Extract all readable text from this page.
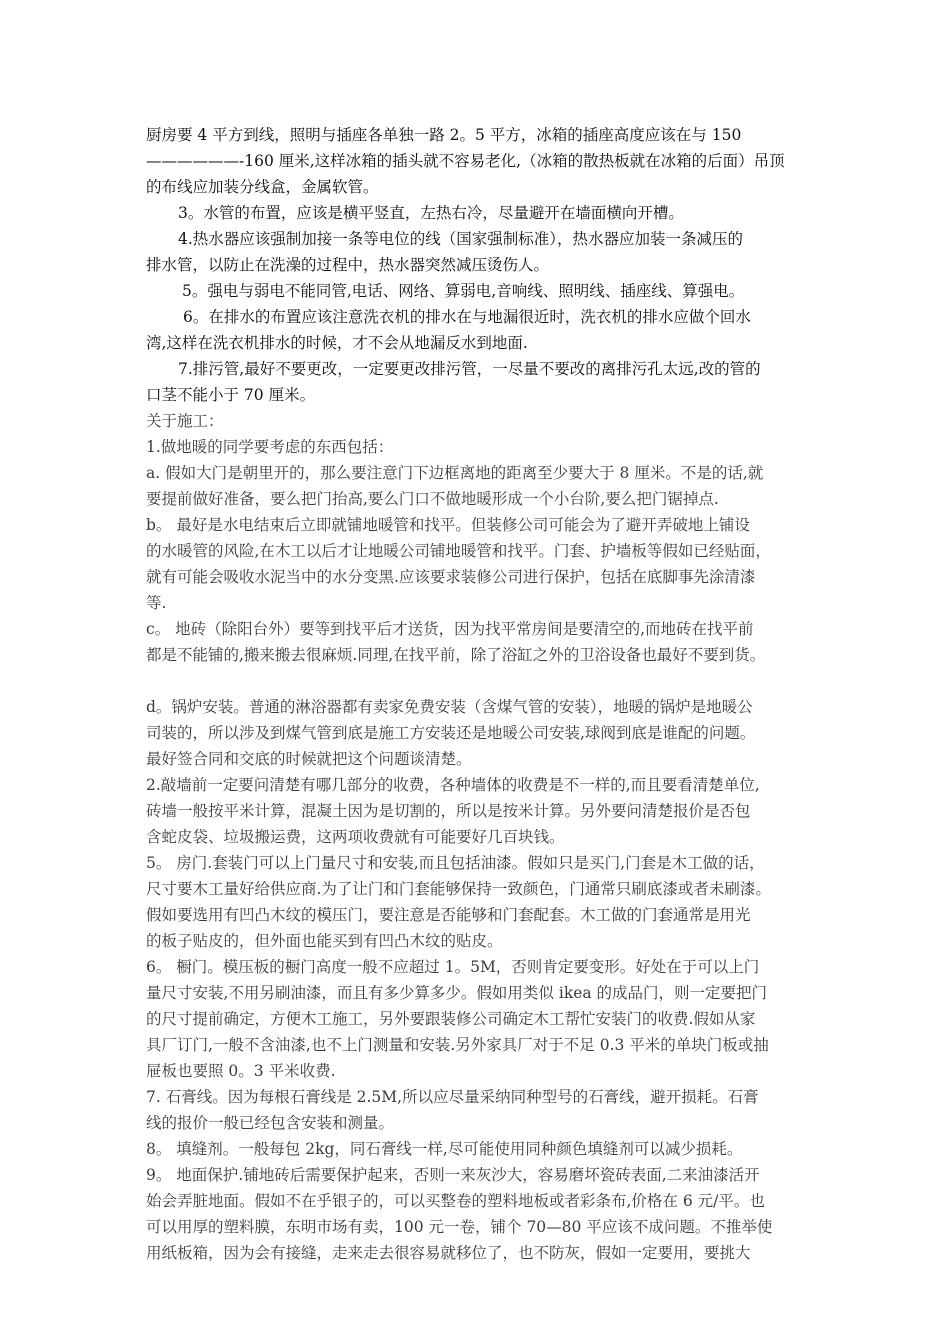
厨房要 4 平方到线，照明与插座各单独一路 2。5 平方，冰箱的插座高度应该在与 150
——————-160 厘米,这样冰箱的插头就不容易老化,（冰箱的散热板就在冰箱的后面）吊顶
的布线应加装分线盒，金属软管。
3。水管的布置，应该是横平竖直，左热右冷，尽量避开在墙面横向开槽。
4.热水器应该强制加接一条等电位的线（国家强制标准），热水器应加装一条减压的
排水管，以防止在洗澡的过程中，热水器突然减压烫伤人。
5。强电与弱电不能同管,电话、网络、算弱电,音响线、照明线、插座线、算强电。
6。在排水的布置应该注意洗衣机的排水在与地漏很近时，洗衣机的排水应做个回水
湾,这样在洗衣机排水的时候，才不会从地漏反水到地面.
7.排污管,最好不要更改，一定要更改排污管，一尽量不要改的离排污孔太远,改的管的
口茎不能小于 70 厘米。
关于施工：
1.做地暖的同学要考虑的东西包括：
a. 假如大门是朝里开的，那么要注意门下边框离地的距离至少要大于 8 厘米。不是的话,就
要提前做好准备，要么把门抬高,要么门口不做地暖形成一个小台阶,要么把门锯掉点.
b。 最好是水电结束后立即就铺地暖管和找平。但装修公司可能会为了避开弄破地上铺设
的水暖管的风险,在木工以后才让地暖公司铺地暖管和找平。门套、护墙板等假如已经贴面，
就有可能会吸收水泥当中的水分变黑.应该要求装修公司进行保护，包括在底脚事先涂清漆
等.
c。 地砖（除阳台外）要等到找平后才送货，因为找平常房间是要清空的,而地砖在找平前
都是不能铺的,搬来搬去很麻烦.同理,在找平前，除了浴缸之外的卫浴设备也最好不要到货。
d。锅炉安装。普通的淋浴器都有卖家免费安装（含煤气管的安装），地暖的锅炉是地暖公
司装的，所以涉及到煤气管到底是施工方安装还是地暖公司安装,球阀到底是谁配的问题。
最好签合同和交底的时候就把这个问题谈清楚。
2.敲墙前一定要问清楚有哪几部分的收费，各种墙体的收费是不一样的,而且要看清楚单位,
砖墙一般按平米计算，混凝土因为是切割的，所以是按米计算。另外要问清楚报价是否包
含蛇皮袋、垃圾搬运费，这两项收费就有可能要好几百块钱。
5。 房门.套装门可以上门量尺寸和安装,而且包括油漆。假如只是买门,门套是木工做的话，
尺寸要木工量好给供应商.为了让门和门套能够保持一致颜色，门通常只刷底漆或者未刷漆。
假如要选用有凹凸木纹的模压门，要注意是否能够和门套配套。木工做的门套通常是用光
的板子贴皮的，但外面也能买到有凹凸木纹的贴皮。
6。 橱门。模压板的橱门高度一般不应超过 1。5M，否则肯定要变形。好处在于可以上门
量尺寸安装,不用另刷油漆，而且有多少算多少。假如用类似 ikea 的成品门，则一定要把门
的尺寸提前确定，方便木工施工，另外要跟装修公司确定木工帮忙安装门的收费.假如从家
具厂订门,一般不含油漆,也不上门测量和安装.另外家具厂对于不足 0.3 平米的单块门板或抽
屉板也要照 0。3 平米收费.
7. 石膏线。因为每根石膏线是 2.5M,所以应尽量采纳同种型号的石膏线，避开损耗。石膏
线的报价一般已经包含安装和测量。
8。 填缝剂。一般每包 2kg，同石膏线一样,尽可能使用同种颜色填缝剂可以减少损耗。
9。 地面保护.铺地砖后需要保护起来，否则一来灰沙大，容易磨坏瓷砖表面,二来油漆活开
始会弄脏地面。假如不在乎银子的，可以买整卷的塑料地板或者彩条布,价格在 6 元/平。也
可以用厚的塑料膜，东明市场有卖，100 元一卷，铺个 70—80 平应该不成问题。不推举使
用纸板箱，因为会有接缝，走来走去很容易就移位了，也不防灰，假如一定要用，要挑大
